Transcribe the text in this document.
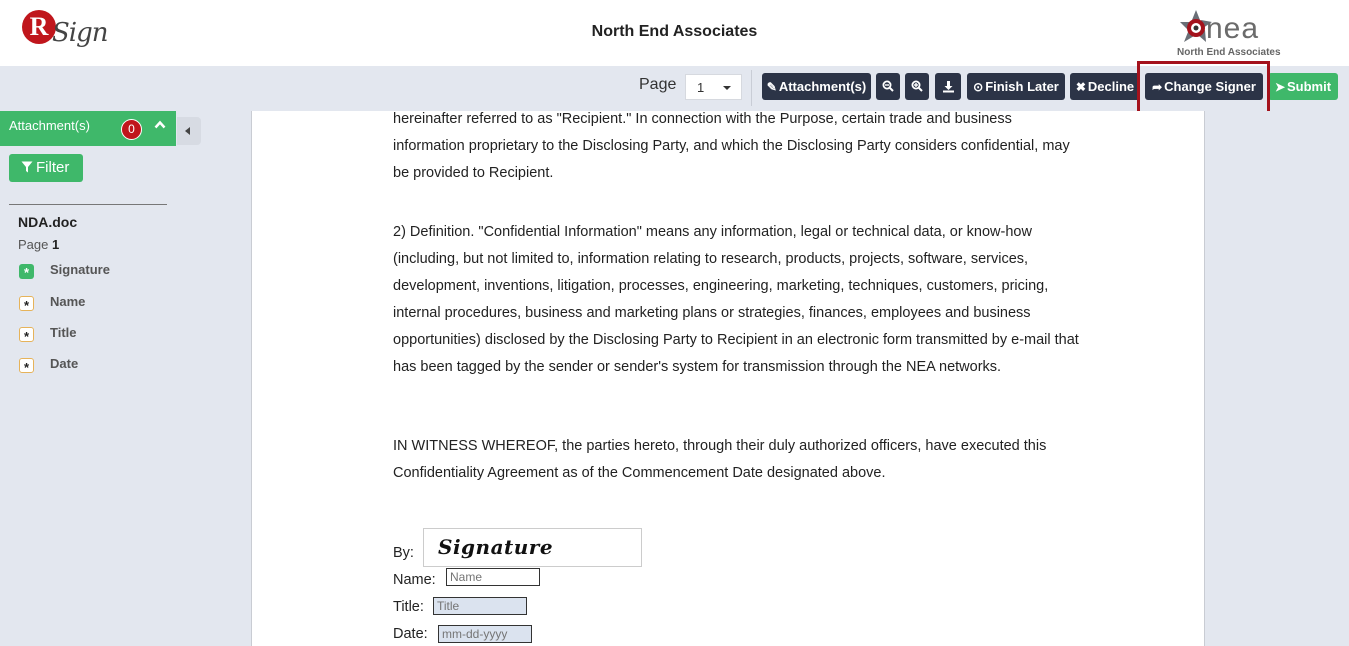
R Sign	North End Associates	nea
North End Associates
Page	1	✎ Attachment(s)	⊙ Finish Later	✖ Decline	➦ Change Signer	➤ Submit
hereinafter referred to as "Recipient." In connection with the Purpose, certain trade and business information proprietary to the Disclosing Party, and which the Disclosing Party considers confidential, may be provided to Recipient.
2) Definition. "Confidential Information" means any information, legal or technical data, or know-how (including, but not limited to, information relating to research, products, projects, software, services, development, inventions, litigation, processes, engineering, marketing, techniques, customers, pricing, internal procedures, business and marketing plans or strategies, finances, employees and business opportunities) disclosed by the Disclosing Party to Recipient in an electronic form transmitted by e-mail that has been tagged by the sender or sender's system for transmission through the NEA networks.
IN WITNESS WHEREOF, the parties hereto, through their duly authorized officers, have executed this Confidentiality Agreement as of the Commencement Date designated above.
By: Signature
Name:
Name
Title:
Title
Date:
mm-dd-yyyy
Attachment(s)	0
Filter
NDA.doc
Page 1
*	Signature
*	Name
*	Title
*	Date
